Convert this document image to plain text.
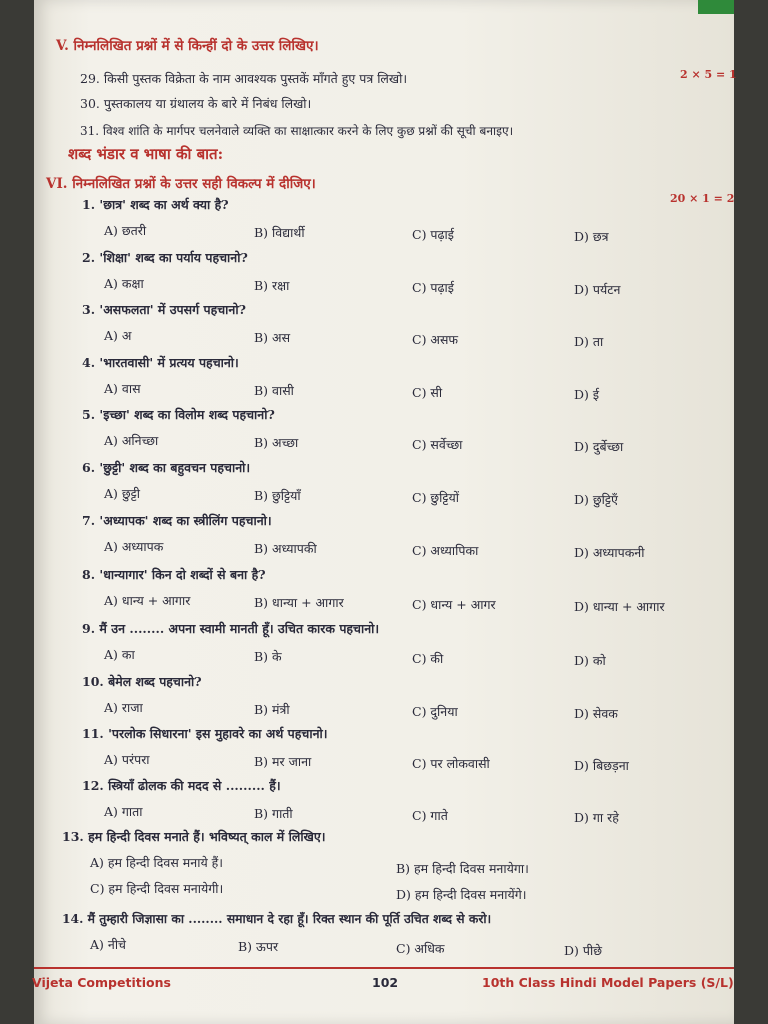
V. निम्नलिखित प्रश्नों में से किन्हीं दो के उत्तर लिखिए।
2 × 5 = 1
29. किसी पुस्तक विक्रेता के नाम आवश्यक पुस्तकें माँगते हुए पत्र लिखो।
30. पुस्तकालय या ग्रंथालय के बारे में निबंध लिखो।
31. विश्व शांति के मार्गपर चलनेवाले व्यक्ति का साक्षात्कार करने के लिए कुछ प्रश्नों की सूची बनाइए।
शब्द भंडार व भाषा की बात:
VI. निम्नलिखित प्रश्नों के उत्तर सही विकल्प में दीजिए।
20 × 1 = 2
1. 'छात्र' शब्द का अर्थ क्या है?
A) छतरी	B) विद्यार्थी	C) पढ़ाई	D) छत्र
2. 'शिक्षा' शब्द का पर्याय पहचानो?
A) कक्षा	B) रक्षा	C) पढ़ाई	D) पर्यटन
3. 'असफलता' में उपसर्ग पहचानो?
A) अ	B) अस	C) असफ	D) ता
4. 'भारतवासी' में प्रत्यय पहचानो।
A) वास	B) वासी	C) सी	D) ई
5. 'इच्छा' शब्द का विलोम शब्द पहचानो?
A) अनिच्छा	B) अच्छा	C) सर्वेच्छा	D) दुर्बेच्छा
6. 'छुट्टी' शब्द का बहुवचन पहचानो।
A) छुट्टी	B) छुट्टियाँ	C) छुट्टियों	D) छुट्टिएँ
7. 'अध्यापक' शब्द का स्त्रीलिंग पहचानो।
A) अध्यापक	B) अध्यापकी	C) अध्यापिका	D) अध्यापकनी
8. 'धान्यागार' किन दो शब्दों से बना है?
A) धान्य + आगार	B) धान्या + आगार	C) धान्य + आगर	D) धान्या + आगार
9. मैं उन ........ अपना स्वामी मानती हूँ। उचित कारक पहचानो।
A) का	B) के	C) की	D) को
10. बेमेल शब्द पहचानो?
A) राजा	B) मंत्री	C) दुनिया	D) सेवक
11. 'परलोक सिधारना' इस मुहावरे का अर्थ पहचानो।
A) परंपरा	B) मर जाना	C) पर लोकवासी	D) बिछड़ना
12. स्त्रियाँ ढोलक की मदद से ......... हैं।
A) गाता	B) गाती	C) गाते	D) गा रहे
13. हम हिन्दी दिवस मनाते हैं। भविष्यत् काल में लिखिए।
A) हम हिन्दी दिवस मनाये हैं।	B) हम हिन्दी दिवस मनायेगा।
C) हम हिन्दी दिवस मनायेगी।	D) हम हिन्दी दिवस मनायेंगे।
14. मैं तुम्हारी जिज्ञासा का ........ समाधान दे रहा हूँ। रिक्त स्थान की पूर्ति उचित शब्द से करो।
A) नीचे	B) ऊपर	C) अधिक	D) पीछे
Vijeta Competitions	102	10th Class Hindi Model Papers (S/L)
